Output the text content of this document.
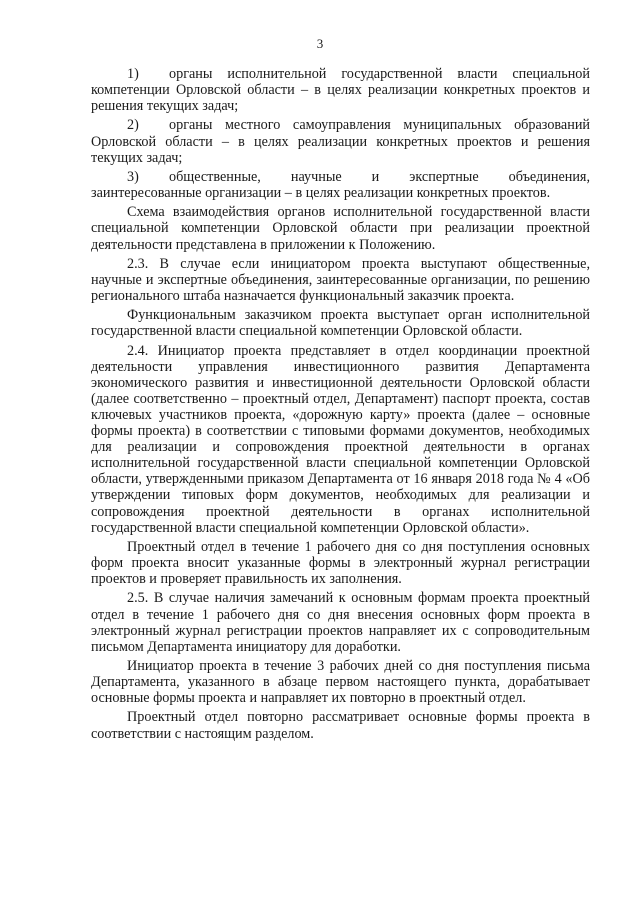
3
1)	органы исполнительной государственной власти специальной
компетенции Орловской области – в целях реализации конкретных проектов и решения текущих задач;
2)	органы местного самоуправления муниципальных образований
Орловской области – в целях реализации конкретных проектов и решения текущих задач;
3)	общественные, научные и экспертные объединения,
заинтересованные организации – в целях реализации конкретных проектов.

Схема взаимодействия органов исполнительной государственной власти специальной компетенции Орловской области при реализации проектной деятельности представлена в приложении к Положению.

2.3. В случае если инициатором проекта выступают общественные, научные и экспертные объединения, заинтересованные организации, по решению регионального штаба назначается функциональный заказчик проекта.

Функциональным заказчиком проекта выступает орган исполнительной государственной власти специальной компетенции Орловской области.

2.4. Инициатор проекта представляет в отдел координации проектной деятельности управления инвестиционного развития Департамента экономического развития и инвестиционной деятельности Орловской области (далее соответственно – проектный отдел, Департамент) паспорт проекта, состав ключевых участников проекта, «дорожную карту» проекта (далее – основные формы проекта) в соответствии с типовыми формами документов, необходимых для реализации и сопровождения проектной деятельности в органах исполнительной государственной власти специальной компетенции Орловской области, утвержденными приказом Департамента от 16 января 2018 года № 4 «Об утверждении типовых форм документов, необходимых для реализации и сопровождения проектной деятельности в органах исполнительной государственной власти специальной компетенции Орловской области».

Проектный отдел в течение 1 рабочего дня со дня поступления основных форм проекта вносит указанные формы в электронный журнал регистрации проектов и проверяет правильность их заполнения.

2.5. В случае наличия замечаний к основным формам проекта проектный отдел в течение 1 рабочего дня со дня внесения основных форм проекта в электронный журнал регистрации проектов направляет их с сопроводительным письмом Департамента инициатору для доработки.

Инициатор проекта в течение 3 рабочих дней со дня поступления письма Департамента, указанного в абзаце первом настоящего пункта, дорабатывает основные формы проекта и направляет их повторно в проектный отдел.

Проектный отдел повторно рассматривает основные формы проекта в соответствии с настоящим разделом.
